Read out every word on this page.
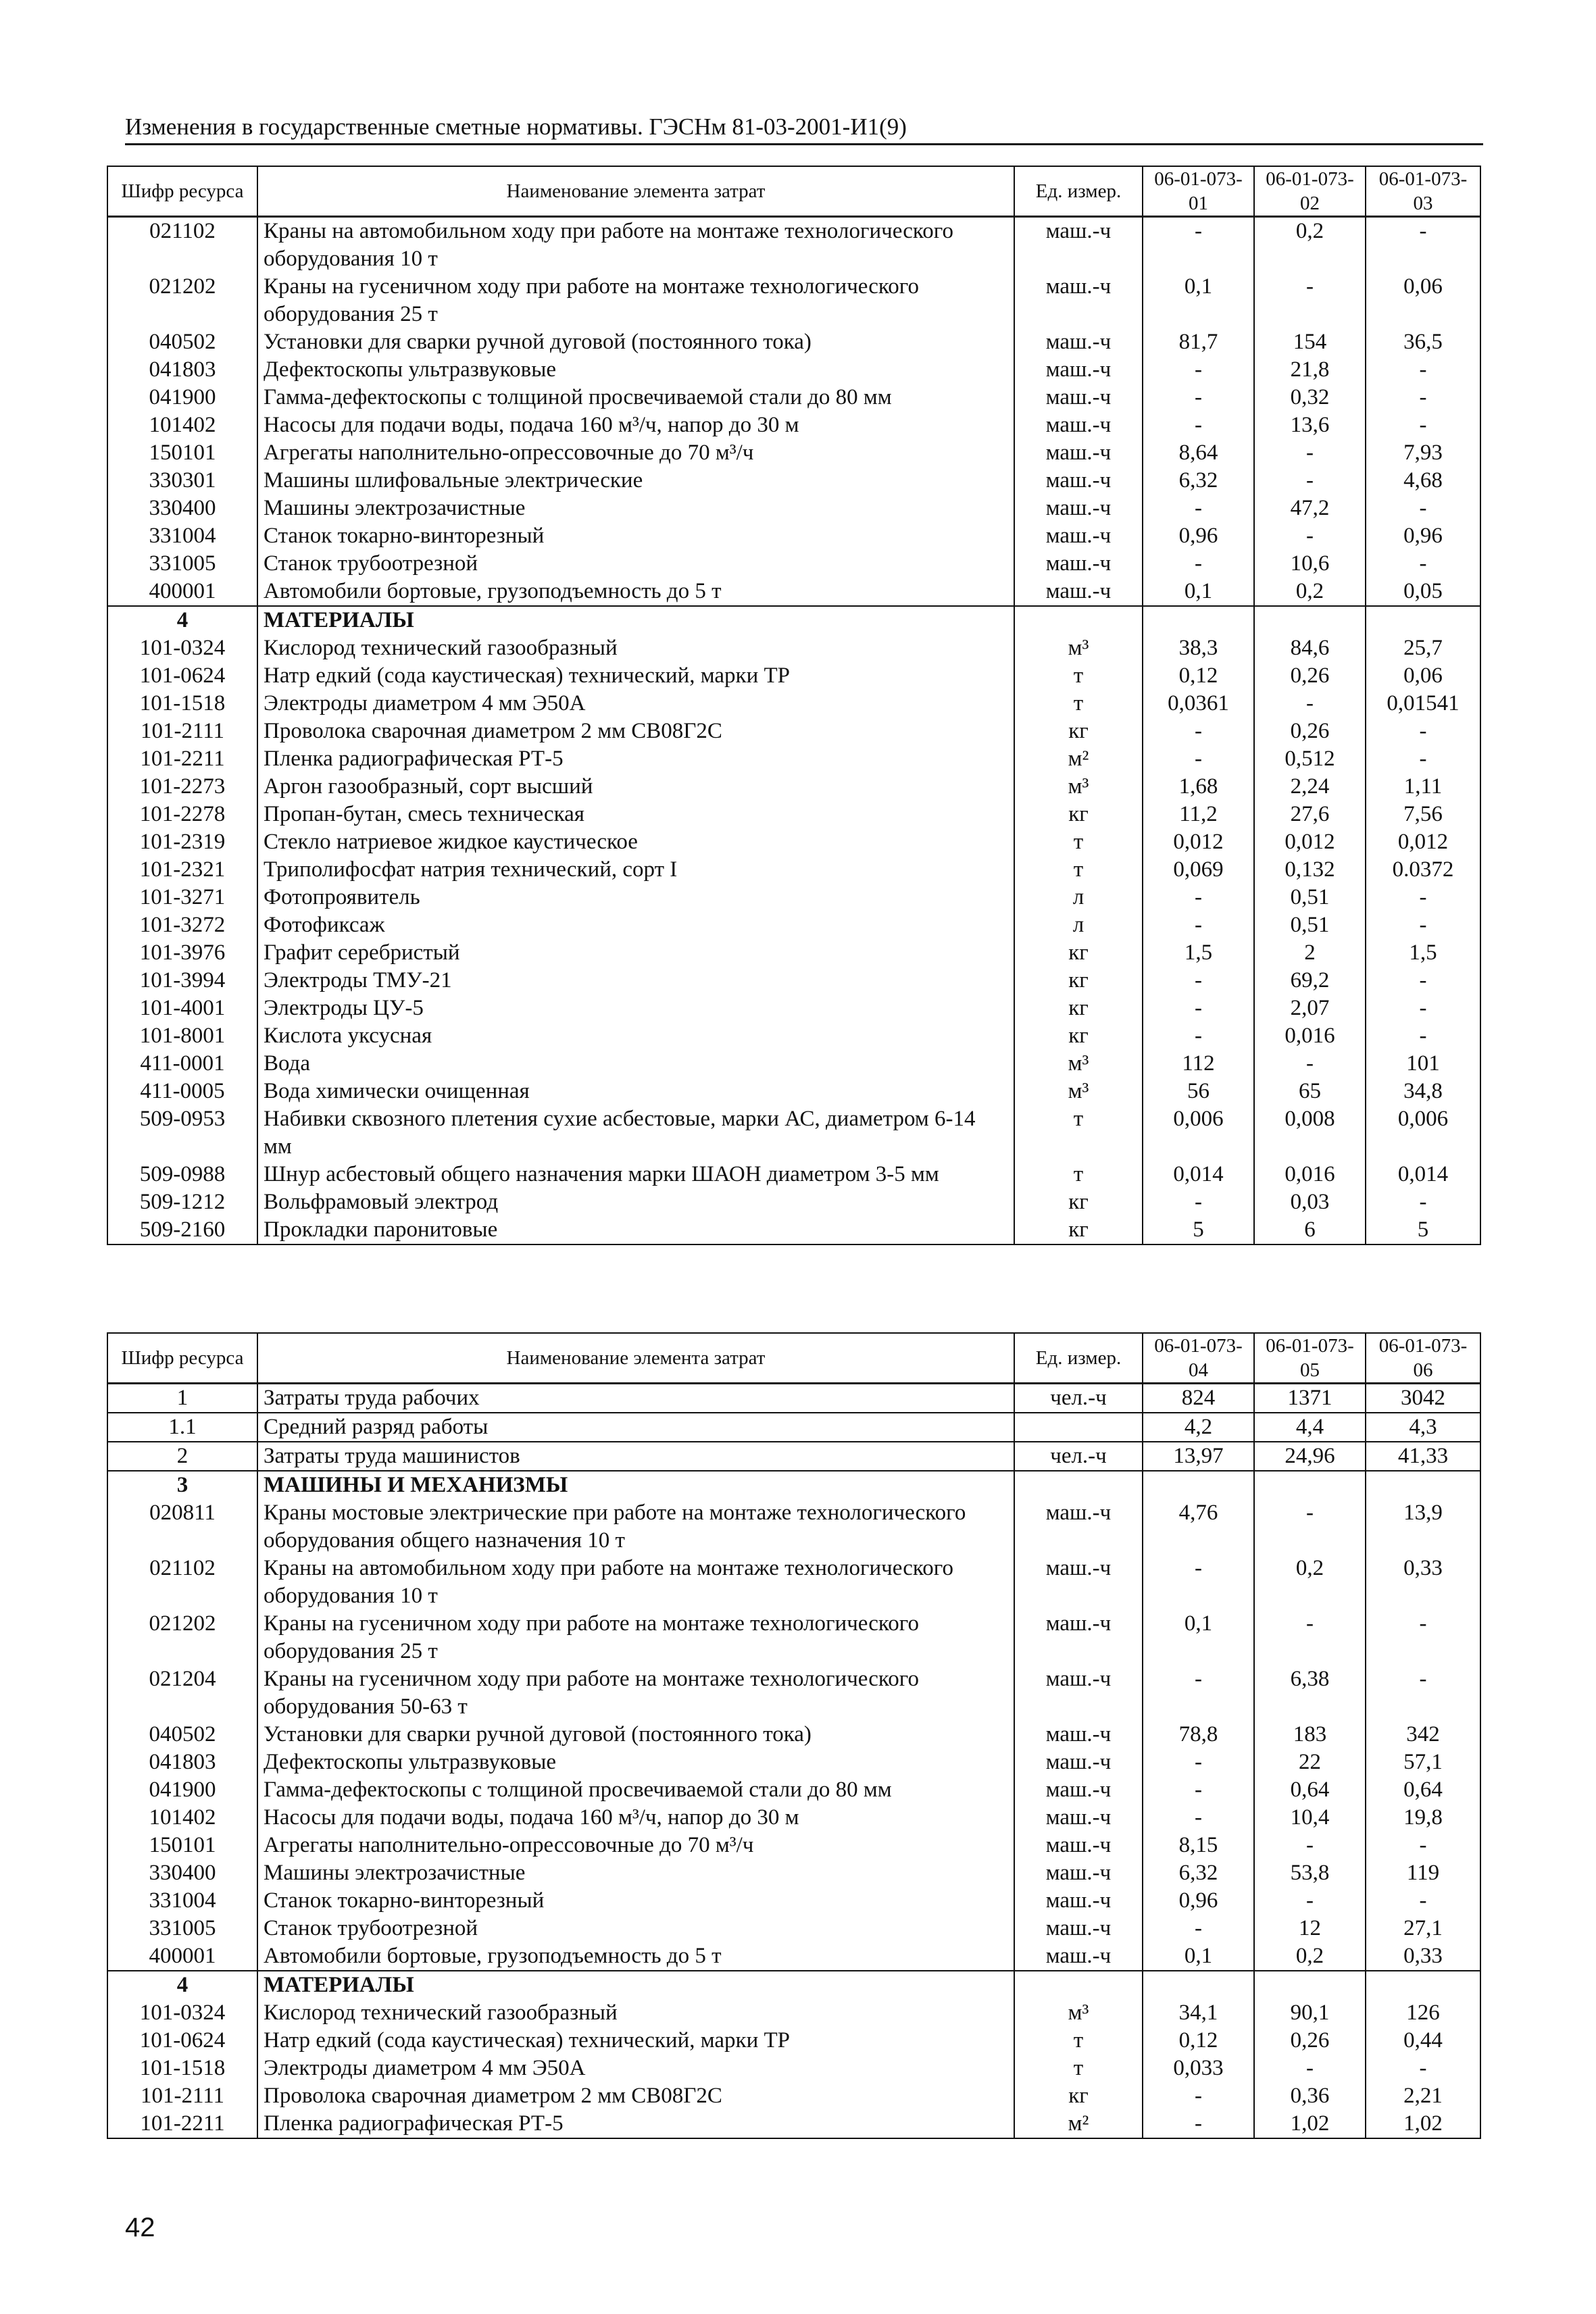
Изменения в государственные сметные нормативы. ГЭСНм 81-03-2001-И1(9)
Шифр ресурса	Наименование элемента затрат	Ед. измер.	06-01-073-01	06-01-073-02	06-01-073-03
021102	Краны на автомобильном ходу при работе на монтаже технологического оборудования 10 т	маш.-ч	-	0,2	-
021202	Краны на гусеничном ходу при работе на монтаже технологического оборудования 25 т	маш.-ч	0,1	-	0,06
040502	Установки для сварки ручной дуговой (постоянного тока)	маш.-ч	81,7	154	36,5
041803	Дефектоскопы ультразвуковые	маш.-ч	-	21,8	-
041900	Гамма-дефектоскопы с толщиной просвечиваемой стали до 80 мм	маш.-ч	-	0,32	-
101402	Насосы для подачи воды, подача 160 м³/ч, напор до 30 м	маш.-ч	-	13,6	-
150101	Агрегаты наполнительно-опрессовочные до 70 м³/ч	маш.-ч	8,64	-	7,93
330301	Машины шлифовальные электрические	маш.-ч	6,32	-	4,68
330400	Машины электрозачистные	маш.-ч	-	47,2	-
331004	Станок токарно-винторезный	маш.-ч	0,96	-	0,96
331005	Станок трубоотрезной	маш.-ч	-	10,6	-
400001	Автомобили бортовые, грузоподъемность до 5 т	маш.-ч	0,1	0,2	0,05
4	МАТЕРИАЛЫ				
101-0324	Кислород технический газообразный	м³	38,3	84,6	25,7
101-0624	Натр едкий (сода каустическая) технический, марки ТР	т	0,12	0,26	0,06
101-1518	Электроды диаметром 4 мм Э50А	т	0,0361	-	0,01541
101-2111	Проволока сварочная диаметром 2 мм СВ08Г2С	кг	-	0,26	-
101-2211	Пленка радиографическая РТ-5	м²	-	0,512	-
101-2273	Аргон газообразный, сорт высший	м³	1,68	2,24	1,11
101-2278	Пропан-бутан, смесь техническая	кг	11,2	27,6	7,56
101-2319	Стекло натриевое жидкое каустическое	т	0,012	0,012	0,012
101-2321	Триполифосфат натрия технический, сорт I	т	0,069	0,132	0.0372
101-3271	Фотопроявитель	л	-	0,51	-
101-3272	Фотофиксаж	л	-	0,51	-
101-3976	Графит серебристый	кг	1,5	2	1,5
101-3994	Электроды ТМУ-21	кг	-	69,2	-
101-4001	Электроды ЦУ-5	кг	-	2,07	-
101-8001	Кислота уксусная	кг	-	0,016	-
411-0001	Вода	м³	112	-	101
411-0005	Вода химически очищенная	м³	56	65	34,8
509-0953	Набивки сквозного плетения сухие асбестовые, марки АС, диаметром 6-14 мм	т	0,006	0,008	0,006
509-0988	Шнур асбестовый общего назначения марки ШАОН диаметром 3-5 мм	т	0,014	0,016	0,014
509-1212	Вольфрамовый электрод	кг	-	0,03	-
509-2160	Прокладки паронитовые	кг	5	6	5
Шифр ресурса	Наименование элемента затрат	Ед. измер.	06-01-073-04	06-01-073-05	06-01-073-06
1	Затраты труда рабочих	чел.-ч	824	1371	3042
1.1	Средний разряд работы		4,2	4,4	4,3
2	Затраты труда машинистов	чел.-ч	13,97	24,96	41,33
3	МАШИНЫ И МЕХАНИЗМЫ				
020811	Краны мостовые электрические при работе на монтаже технологического оборудования общего назначения 10 т	маш.-ч	4,76	-	13,9
021102	Краны на автомобильном ходу при работе на монтаже технологического оборудования 10 т	маш.-ч	-	0,2	0,33
021202	Краны на гусеничном ходу при работе на монтаже технологического оборудования 25 т	маш.-ч	0,1	-	-
021204	Краны на гусеничном ходу при работе на монтаже технологического оборудования 50-63 т	маш.-ч	-	6,38	-
040502	Установки для сварки ручной дуговой (постоянного тока)	маш.-ч	78,8	183	342
041803	Дефектоскопы ультразвуковые	маш.-ч	-	22	57,1
041900	Гамма-дефектоскопы с толщиной просвечиваемой стали до 80 мм	маш.-ч	-	0,64	0,64
101402	Насосы для подачи воды, подача 160 м³/ч, напор до 30 м	маш.-ч	-	10,4	19,8
150101	Агрегаты наполнительно-опрессовочные до 70 м³/ч	маш.-ч	8,15	-	-
330400	Машины электрозачистные	маш.-ч	6,32	53,8	119
331004	Станок токарно-винторезный	маш.-ч	0,96	-	-
331005	Станок трубоотрезной	маш.-ч	-	12	27,1
400001	Автомобили бортовые, грузоподъемность до 5 т	маш.-ч	0,1	0,2	0,33
4	МАТЕРИАЛЫ				
101-0324	Кислород технический газообразный	м³	34,1	90,1	126
101-0624	Натр едкий (сода каустическая) технический, марки ТР	т	0,12	0,26	0,44
101-1518	Электроды диаметром 4 мм Э50А	т	0,033	-	-
101-2111	Проволока сварочная диаметром 2 мм СВ08Г2С	кг	-	0,36	2,21
101-2211	Пленка радиографическая РТ-5	м²	-	1,02	1,02
42
